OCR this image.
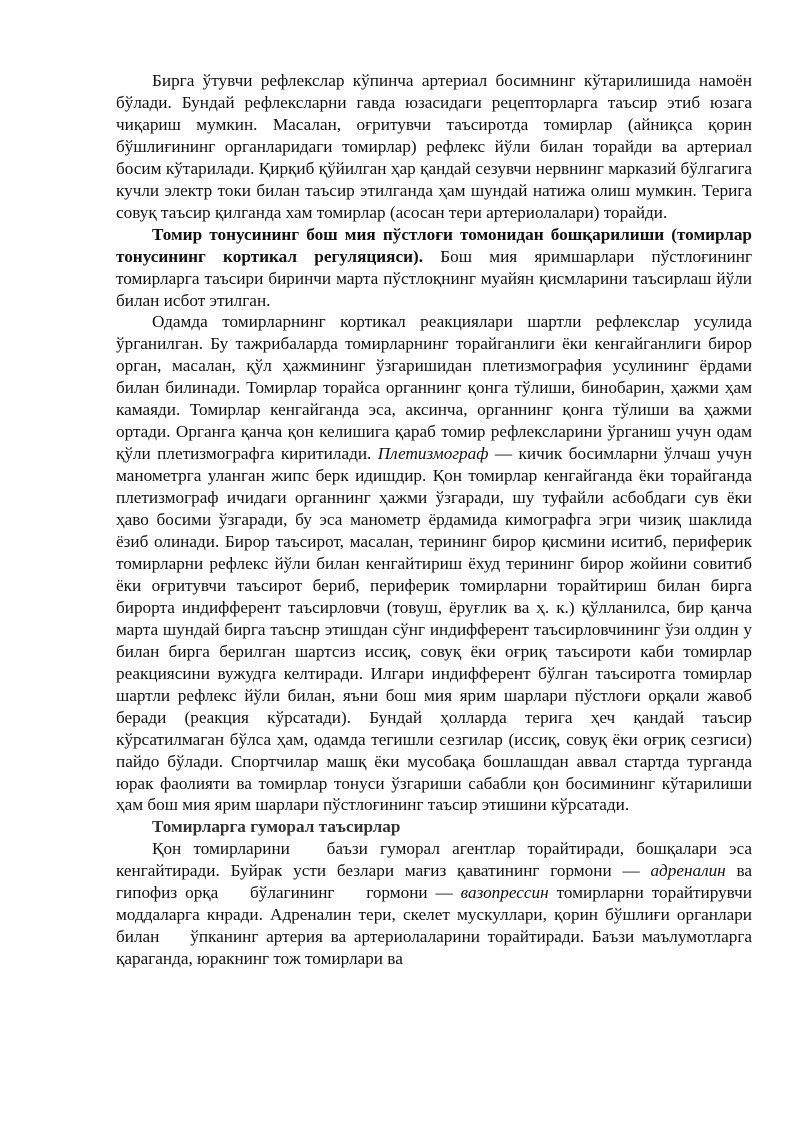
Бирга ўтувчи рефлекслар кўпинча артериал босимнинг кўтарилишида намоён бўлади. Бундай рефлексларни гавда юзасидаги рецепторларга таъсир этиб юзага чиқариш мумкин. Масалан, оғритувчи таъсиротда томирлар (айниқса қорин бўшлиғининг органларидаги томирлар) рефлекс йўли билан торайди ва артериал босим кўтарилади. Қирқиб қўйилган ҳар қандай сезувчи нервнинг марказий бўлгагига кучли электр токи билан таъсир этилганда ҳам шундай натижа олиш мумкин. Терига совуқ таъсир қилганда хам томирлар (асосан тери артериолалари) торайди.

Томир тонусининг бош мия пўстлоғи томонидан бошқарилиши (томирлар тонусининг кортикал регуляцияси). Бош мия яримшарлари пўстлоғининг томирларга таъсири биринчи марта пўстлоқнинг муайян қисмларини таъсирлаш йўли билан исбот этилган.

Одамда томирларнинг кортикал реакциялари шартли рефлекслар усулида ўрганилган. Бу тажрибаларда томирларнинг торайганлиги ёки кенгайганлиги бирор орган, масалан, қўл ҳажмининг ўзгаришидан плетизмография усулининг ёрдами билан билинади. Томирлар торайса органнинг қонга тўлиши, бинобарин, ҳажми ҳам камаяди. Томирлар кенгайганда эса, аксинча, органнинг қонга тўлиши ва ҳажми ортади. Органга қанча қон келишига қараб томир рефлексларини ўрганиш учун одам қўли плетизмографга киритилади. Плетизмограф — кичик босимларни ўлчаш учун манометрга уланган жипс берк идишдир. Қон томирлар кенгайганда ёки торайганда плетизмограф ичидаги органнинг ҳажми ўзгаради, шу туфайли асбобдаги сув ёки ҳаво босими ўзгаради, бу эса манометр ёрдамида кимографга эгри чизиқ шаклида ёзиб олинади. Бирор таъсирот, масалан, терининг бирор қисмини иситиб, периферик томирларни рефлекс йўли билан кенгайтириш ёхуд терининг бирор жойини совитиб ёки оғритувчи таъсирот бериб, периферик томирларни торайтириш билан бирга бирорта индифферент таъсирловчи (товуш, ёруғлик ва ҳ. к.) қўлланилса, бир қанча марта шундай бирга таъснр этишдан сўнг индифферент таъсирловчининг ўзи олдин у билан бирга берилган шартсиз иссиқ, совуқ ёки оғриқ таъсироти каби томирлар реакциясини вужудга келтиради. Илгари индифферент бўлган таъсиротга томирлар шартли рефлекс йўли билан, яъни бош мия ярим шарлари пўстлоғи орқали жавоб беради (реакция кўрсатади). Бундай ҳолларда терига ҳеч қандай таъсир кўрсатилмаган бўлса ҳам, одамда тегишли сезгилар (иссиқ, совуқ ёки оғриқ сезгиси) пайдо бўлади. Спортчилар машқ ёки мусобақа бошлашдан аввал стартда турганда юрак фаолияти ва томирлар тонуси ўзгариши сабабли қон босимининг кўтарилиши ҳам бош мия ярим шарлари пўстлоғининг таъсир этишини кўрсатади.

Томирларга гуморал таъсирлар

Қон томирларини   баъзи гуморал агентлар торайтиради, бошқалари эса кенгайтиради. Буйрак усти безлари мағиз қаватининг гормони — адреналин ва гипофиз орқа    бўлагининг    гормони — вазопрессин томирларни торайтирувчи    моддаларга кнради. Адреналин тери, скелет мускуллари, қорин бўшлиғи органлари билан    ўпканинг артерия ва артериолаларини торайтиради. Баъзи маълумотларга қараганда, юракнинг тож томирлари ва
